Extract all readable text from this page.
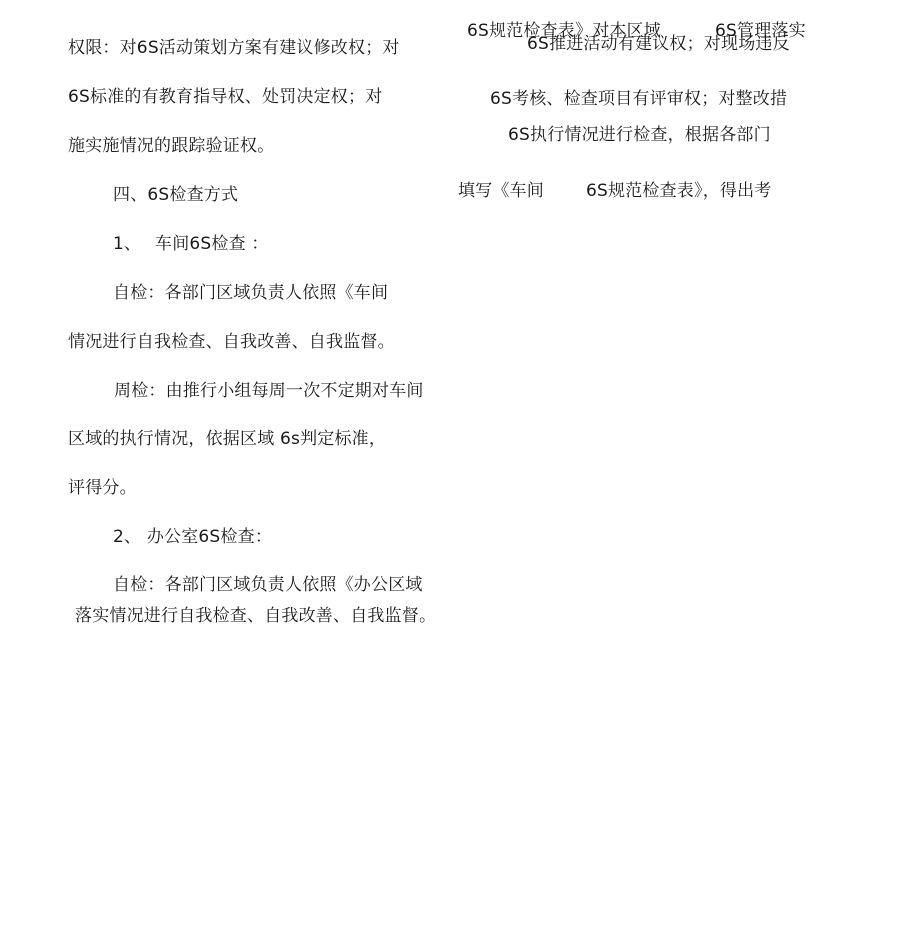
权限：对6S活动策划方案有建议修改权；对
6S标准的有教育指导权、处罚决定权；对
施实施情况的跟踪验证权。
四、6S检查方式
1、 车间6S检查 ：
自检：各部门区域负责人依照《车间
情况进行自我检查、自我改善、自我监督。
周检：由推行小组每周一次不定期对车间
区域的执行情况，依据区域 6s判定标准，
评得分。
2、 办公室6S检查：
自检：各部门区域负责人依照《办公区域
落实情况进行自我检查、自我改善、自我监督。
6S规范检查表》对本区域	6S管理落实
6S推进活动有建议权；对现场违反
6S考核、检查项目有评审权；对整改措
6S执行情况进行检查，根据各部门
填写《车间 6S规范检查表》，得出考
